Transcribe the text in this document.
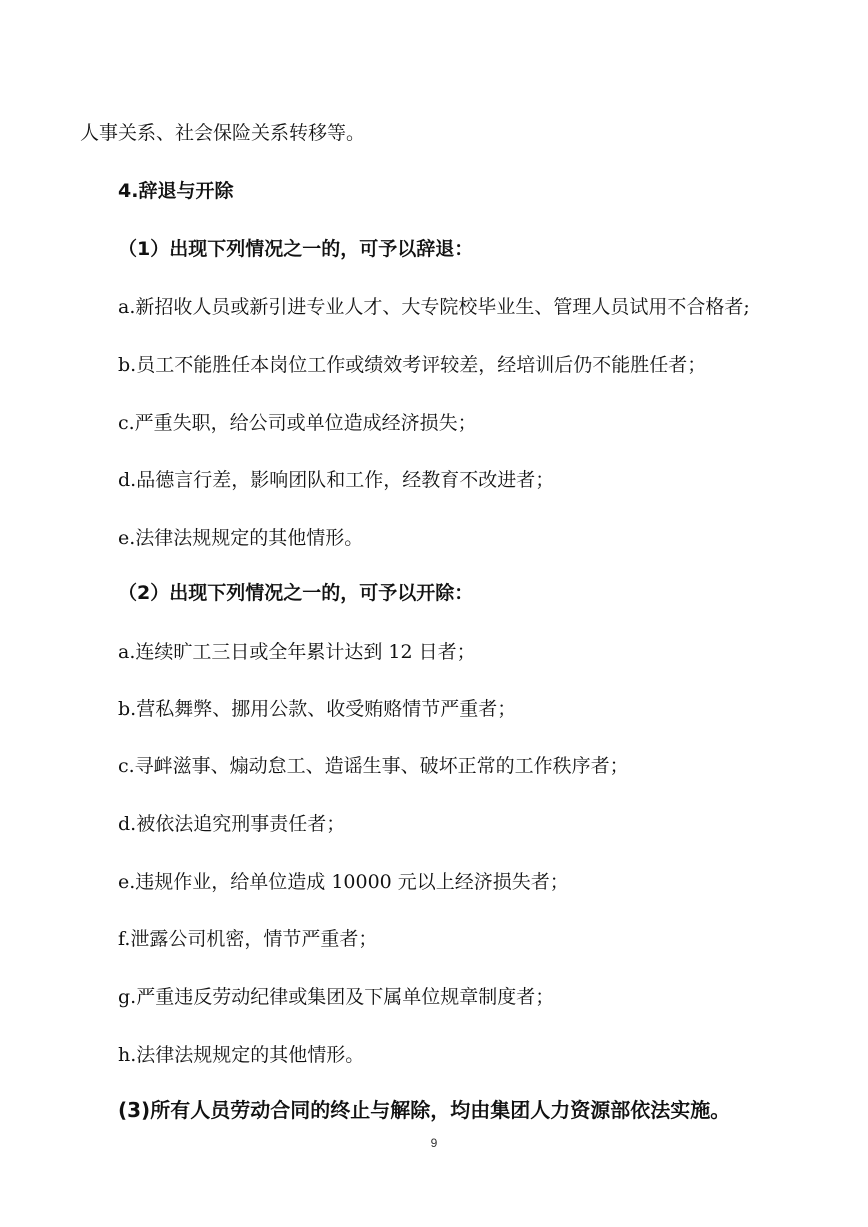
人事关系、社会保险关系转移等。
4.辞退与开除
（1）出现下列情况之一的，可予以辞退：
a.新招收人员或新引进专业人才、大专院校毕业生、管理人员试用不合格者;
b.员工不能胜任本岗位工作或绩效考评较差，经培训后仍不能胜任者；
c.严重失职，给公司或单位造成经济损失；
d.品德言行差，影响团队和工作，经教育不改进者；
e.法律法规规定的其他情形。
（2）出现下列情况之一的，可予以开除：
a.连续旷工三日或全年累计达到 12 日者；
b.营私舞弊、挪用公款、收受贿赂情节严重者；
c.寻衅滋事、煽动怠工、造谣生事、破坏正常的工作秩序者；
d.被依法追究刑事责任者；
e.违规作业，给单位造成 10000 元以上经济损失者；
f.泄露公司机密，情节严重者；
g.严重违反劳动纪律或集团及下属单位规章制度者；
h.法律法规规定的其他情形。
(3)所有人员劳动合同的终止与解除，均由集团人力资源部依法实施。
9
